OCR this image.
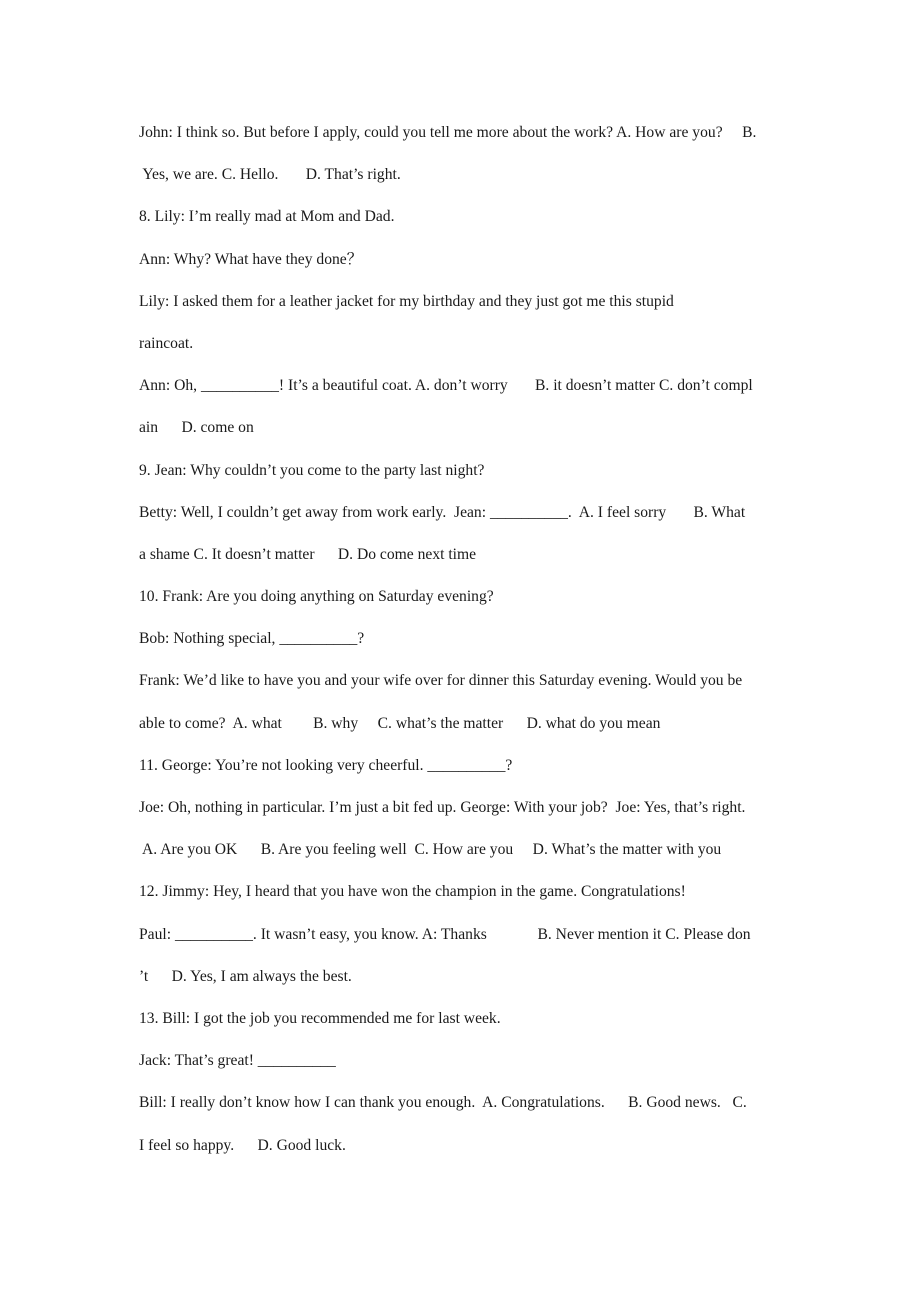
John: I think so. But before I apply, could you tell me more about the work? A. How are you?     B.
Yes, we are. C. Hello.       D. That’s right.
8. Lily: I’m really mad at Mom and Dad.
Ann: Why? What have they done？
Lily: I asked them for a leather jacket for my birthday and they just got me this stupid
raincoat.
Ann: Oh, __________! It’s a beautiful coat. A. don’t worry       B. it doesn’t matter C. don’t compl
ain      D. come on
9. Jean: Why couldn’t you come to the party last night?
Betty: Well, I couldn’t get away from work early.  Jean: __________.  A. I feel sorry       B. What
a shame C. It doesn’t matter      D. Do come next time
10. Frank: Are you doing anything on Saturday evening?
Bob: Nothing special, __________?
Frank: We’d like to have you and your wife over for dinner this Saturday evening. Would you be
able to come?  A. what        B. why     C. what’s the matter      D. what do you mean
11. George: You’re not looking very cheerful. __________?
Joe: Oh, nothing in particular. I’m just a bit fed up. George: With your job?  Joe: Yes, that’s right.
A. Are you OK      B. Are you feeling well  C. How are you     D. What’s the matter with you
12. Jimmy: Hey, I heard that you have won the champion in the game. Congratulations!
Paul: __________. It wasn’t easy, you know. A: Thanks             B. Never mention it C. Please don
’t      D. Yes, I am always the best.
13. Bill: I got the job you recommended me for last week.
Jack: That’s great! __________
Bill: I really don’t know how I can thank you enough.  A. Congratulations.      B. Good news.   C.
I feel so happy.      D. Good luck.
